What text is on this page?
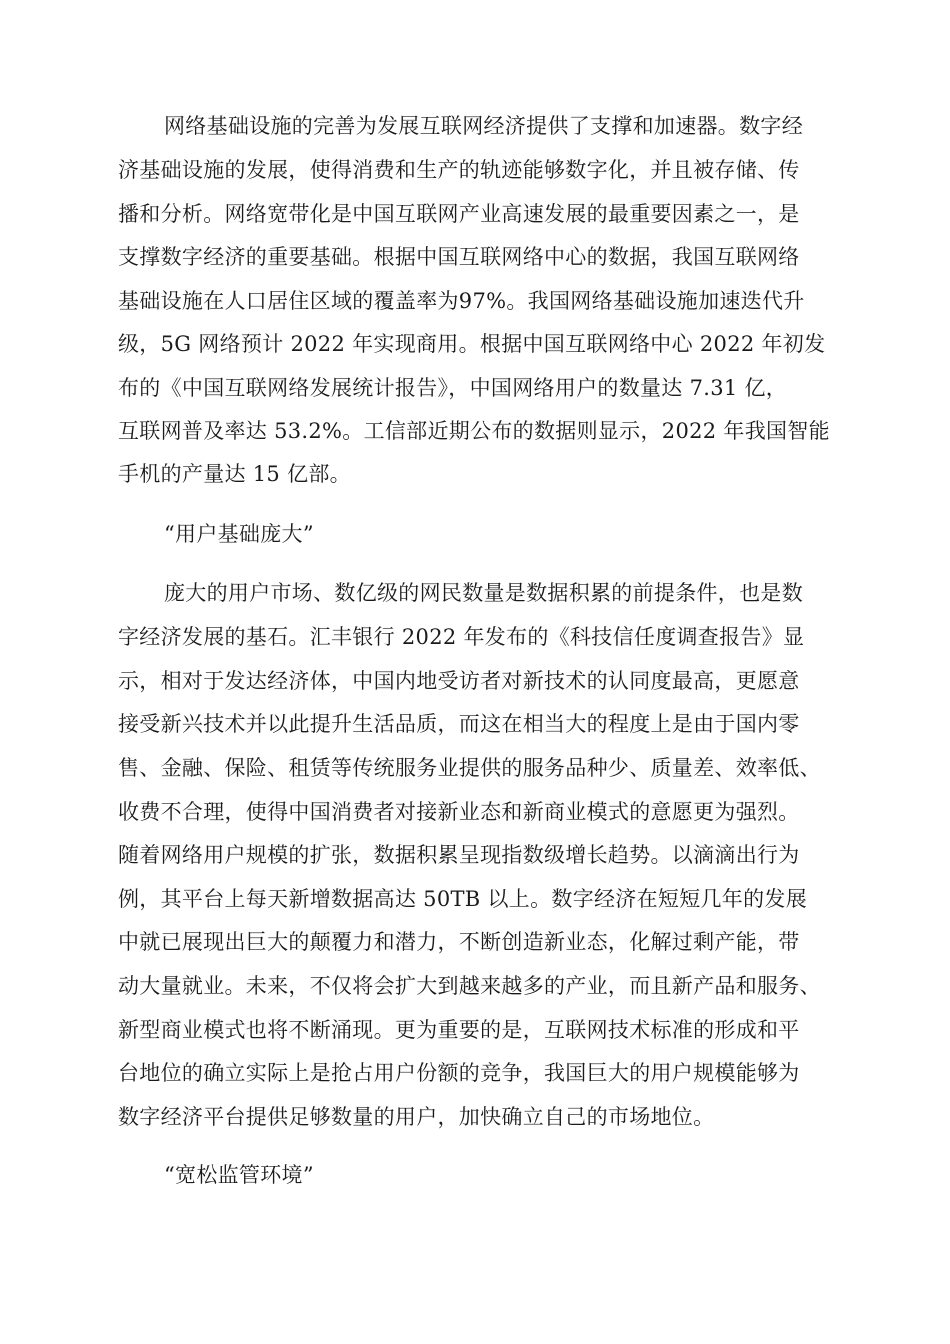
网络基础设施的完善为发展互联网经济提供了支撑和加速器。数字经
济基础设施的发展，使得消费和生产的轨迹能够数字化，并且被存储、传
播和分析。网络宽带化是中国互联网产业高速发展的最重要因素之一，是
支撑数字经济的重要基础。根据中国互联网络中心的数据，我国互联网络
基础设施在人口居住区域的覆盖率为97%。我国网络基础设施加速迭代升
级，5G 网络预计 2022 年实现商用。根据中国互联网络中心 2022 年初发
布的《中国互联网络发展统计报告》，中国网络用户的数量达 7.31 亿，
互联网普及率达 53.2%。工信部近期公布的数据则显示，2022 年我国智能
手机的产量达 15 亿部。
“用户基础庞大”
庞大的用户市场、数亿级的网民数量是数据积累的前提条件，也是数
字经济发展的基石。汇丰银行 2022 年发布的《科技信任度调查报告》显
示，相对于发达经济体，中国内地受访者对新技术的认同度最高，更愿意
接受新兴技术并以此提升生活品质，而这在相当大的程度上是由于国内零
售、金融、保险、租赁等传统服务业提供的服务品种少、质量差、效率低、
收费不合理，使得中国消费者对接新业态和新商业模式的意愿更为强烈。
随着网络用户规模的扩张，数据积累呈现指数级增长趋势。以滴滴出行为
例，其平台上每天新增数据高达 50TB 以上。数字经济在短短几年的发展
中就已展现出巨大的颠覆力和潜力，不断创造新业态，化解过剩产能，带
动大量就业。未来，不仅将会扩大到越来越多的产业，而且新产品和服务、
新型商业模式也将不断涌现。更为重要的是，互联网技术标准的形成和平
台地位的确立实际上是抢占用户份额的竞争，我国巨大的用户规模能够为
数字经济平台提供足够数量的用户，加快确立自己的市场地位。
“宽松监管环境”
